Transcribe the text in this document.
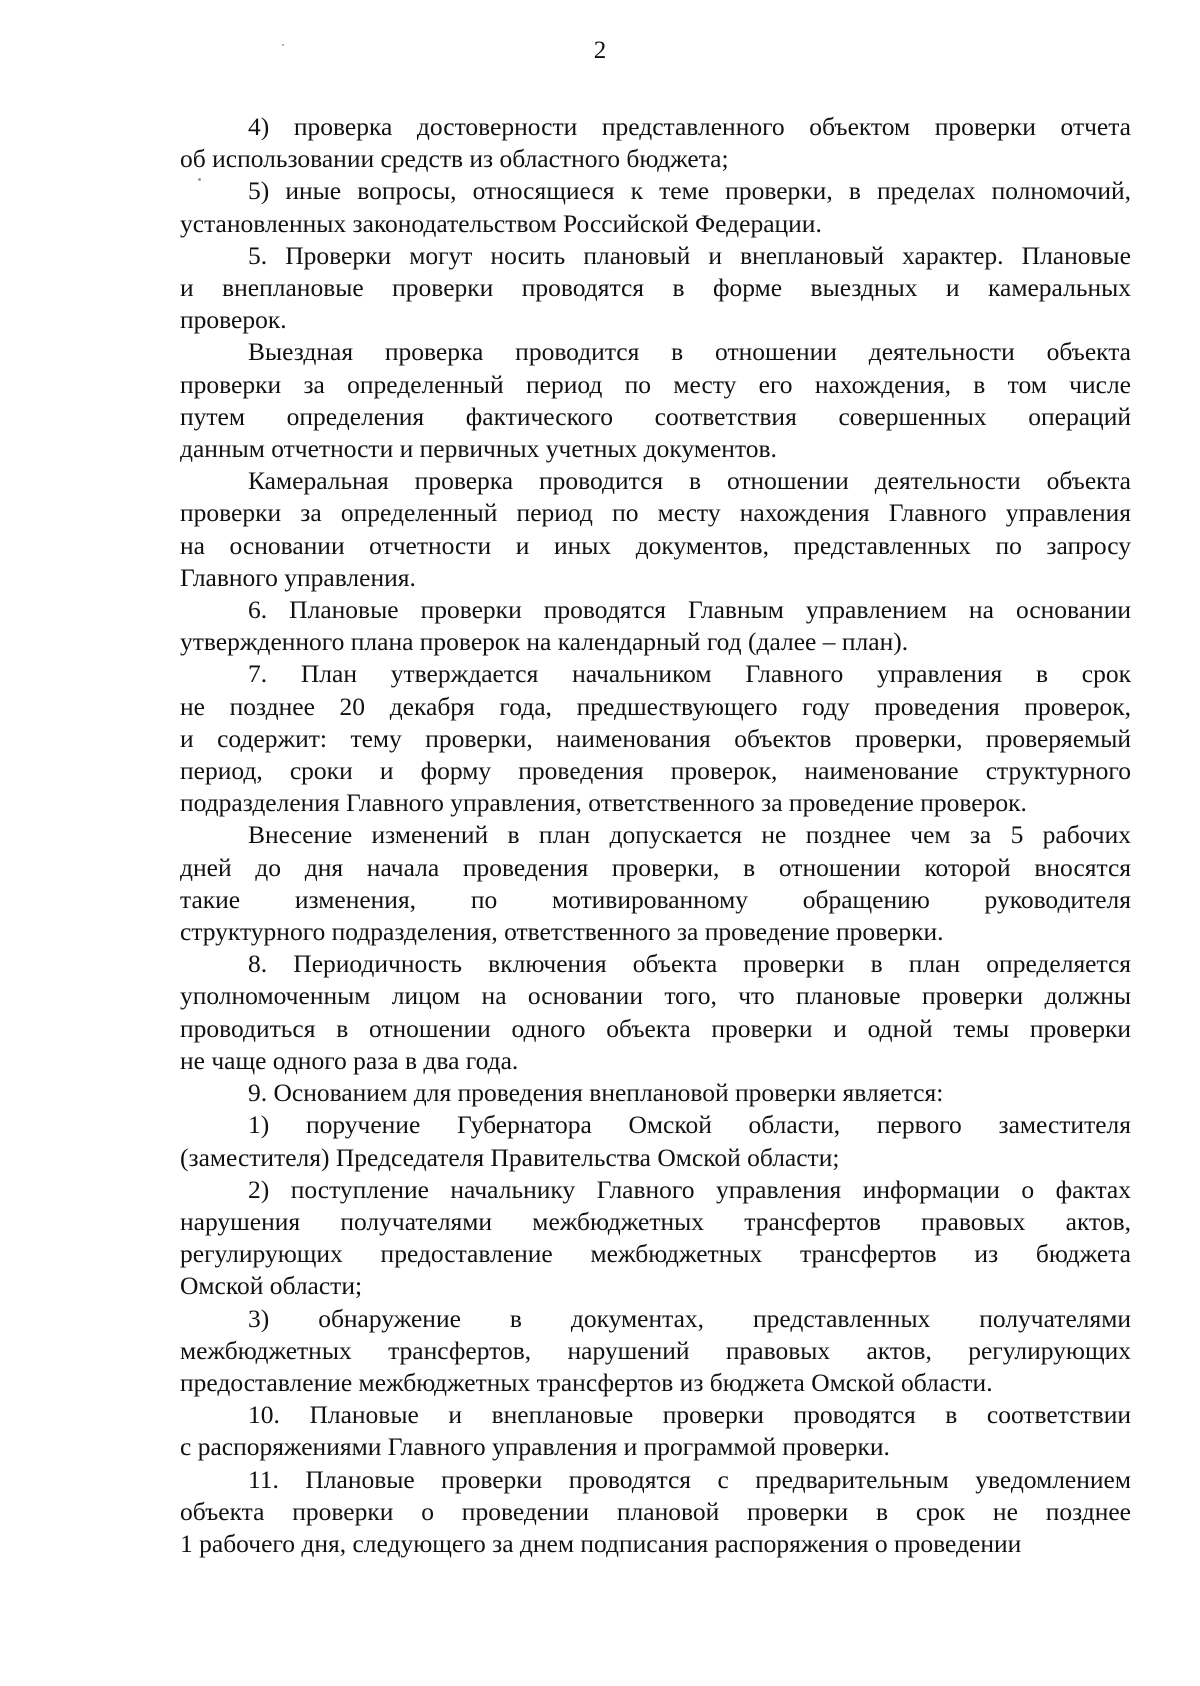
2
4) проверка достоверности представленного объектом проверки отчета
об использовании средств из областного бюджета;
5) иные вопросы, относящиеся к теме проверки, в пределах полномочий,
установленных законодательством Российской Федерации.
5. Проверки могут носить плановый и внеплановый характер. Плановые
и внеплановые проверки проводятся в форме выездных и камеральных
проверок.
Выездная проверка проводится в отношении деятельности объекта
проверки за определенный период по месту его нахождения, в том числе
путем определения фактического соответствия совершенных операций
данным отчетности и первичных учетных документов.
Камеральная проверка проводится в отношении деятельности объекта
проверки за определенный период по месту нахождения Главного управления
на основании отчетности и иных документов, представленных по запросу
Главного управления.
6. Плановые проверки проводятся Главным управлением на основании
утвержденного плана проверок на календарный год (далее – план).
7. План утверждается начальником Главного управления в срок
не позднее 20 декабря года, предшествующего году проведения проверок,
и содержит: тему проверки, наименования объектов проверки, проверяемый
период, сроки и форму проведения проверок, наименование структурного
подразделения Главного управления, ответственного за проведение проверок.
Внесение изменений в план допускается не позднее чем за 5 рабочих
дней до дня начала проведения проверки, в отношении которой вносятся
такие изменения, по мотивированному обращению руководителя
структурного подразделения, ответственного за проведение проверки.
8. Периодичность включения объекта проверки в план определяется
уполномоченным лицом на основании того, что плановые проверки должны
проводиться в отношении одного объекта проверки и одной темы проверки
не чаще одного раза в два года.
9. Основанием для проведения внеплановой проверки является:
1) поручение Губернатора Омской области, первого заместителя
(заместителя) Председателя Правительства Омской области;
2) поступление начальнику Главного управления информации о фактах
нарушения получателями межбюджетных трансфертов правовых актов,
регулирующих предоставление межбюджетных трансфертов из бюджета
Омской области;
3) обнаружение в документах, представленных получателями
межбюджетных трансфертов, нарушений правовых актов, регулирующих
предоставление межбюджетных трансфертов из бюджета Омской области.
10. Плановые и внеплановые проверки проводятся в соответствии
с распоряжениями Главного управления и программой проверки.
11. Плановые проверки проводятся с предварительным уведомлением
объекта проверки о проведении плановой проверки в срок не позднее
1 рабочего дня, следующего за днем подписания распоряжения о проведении
